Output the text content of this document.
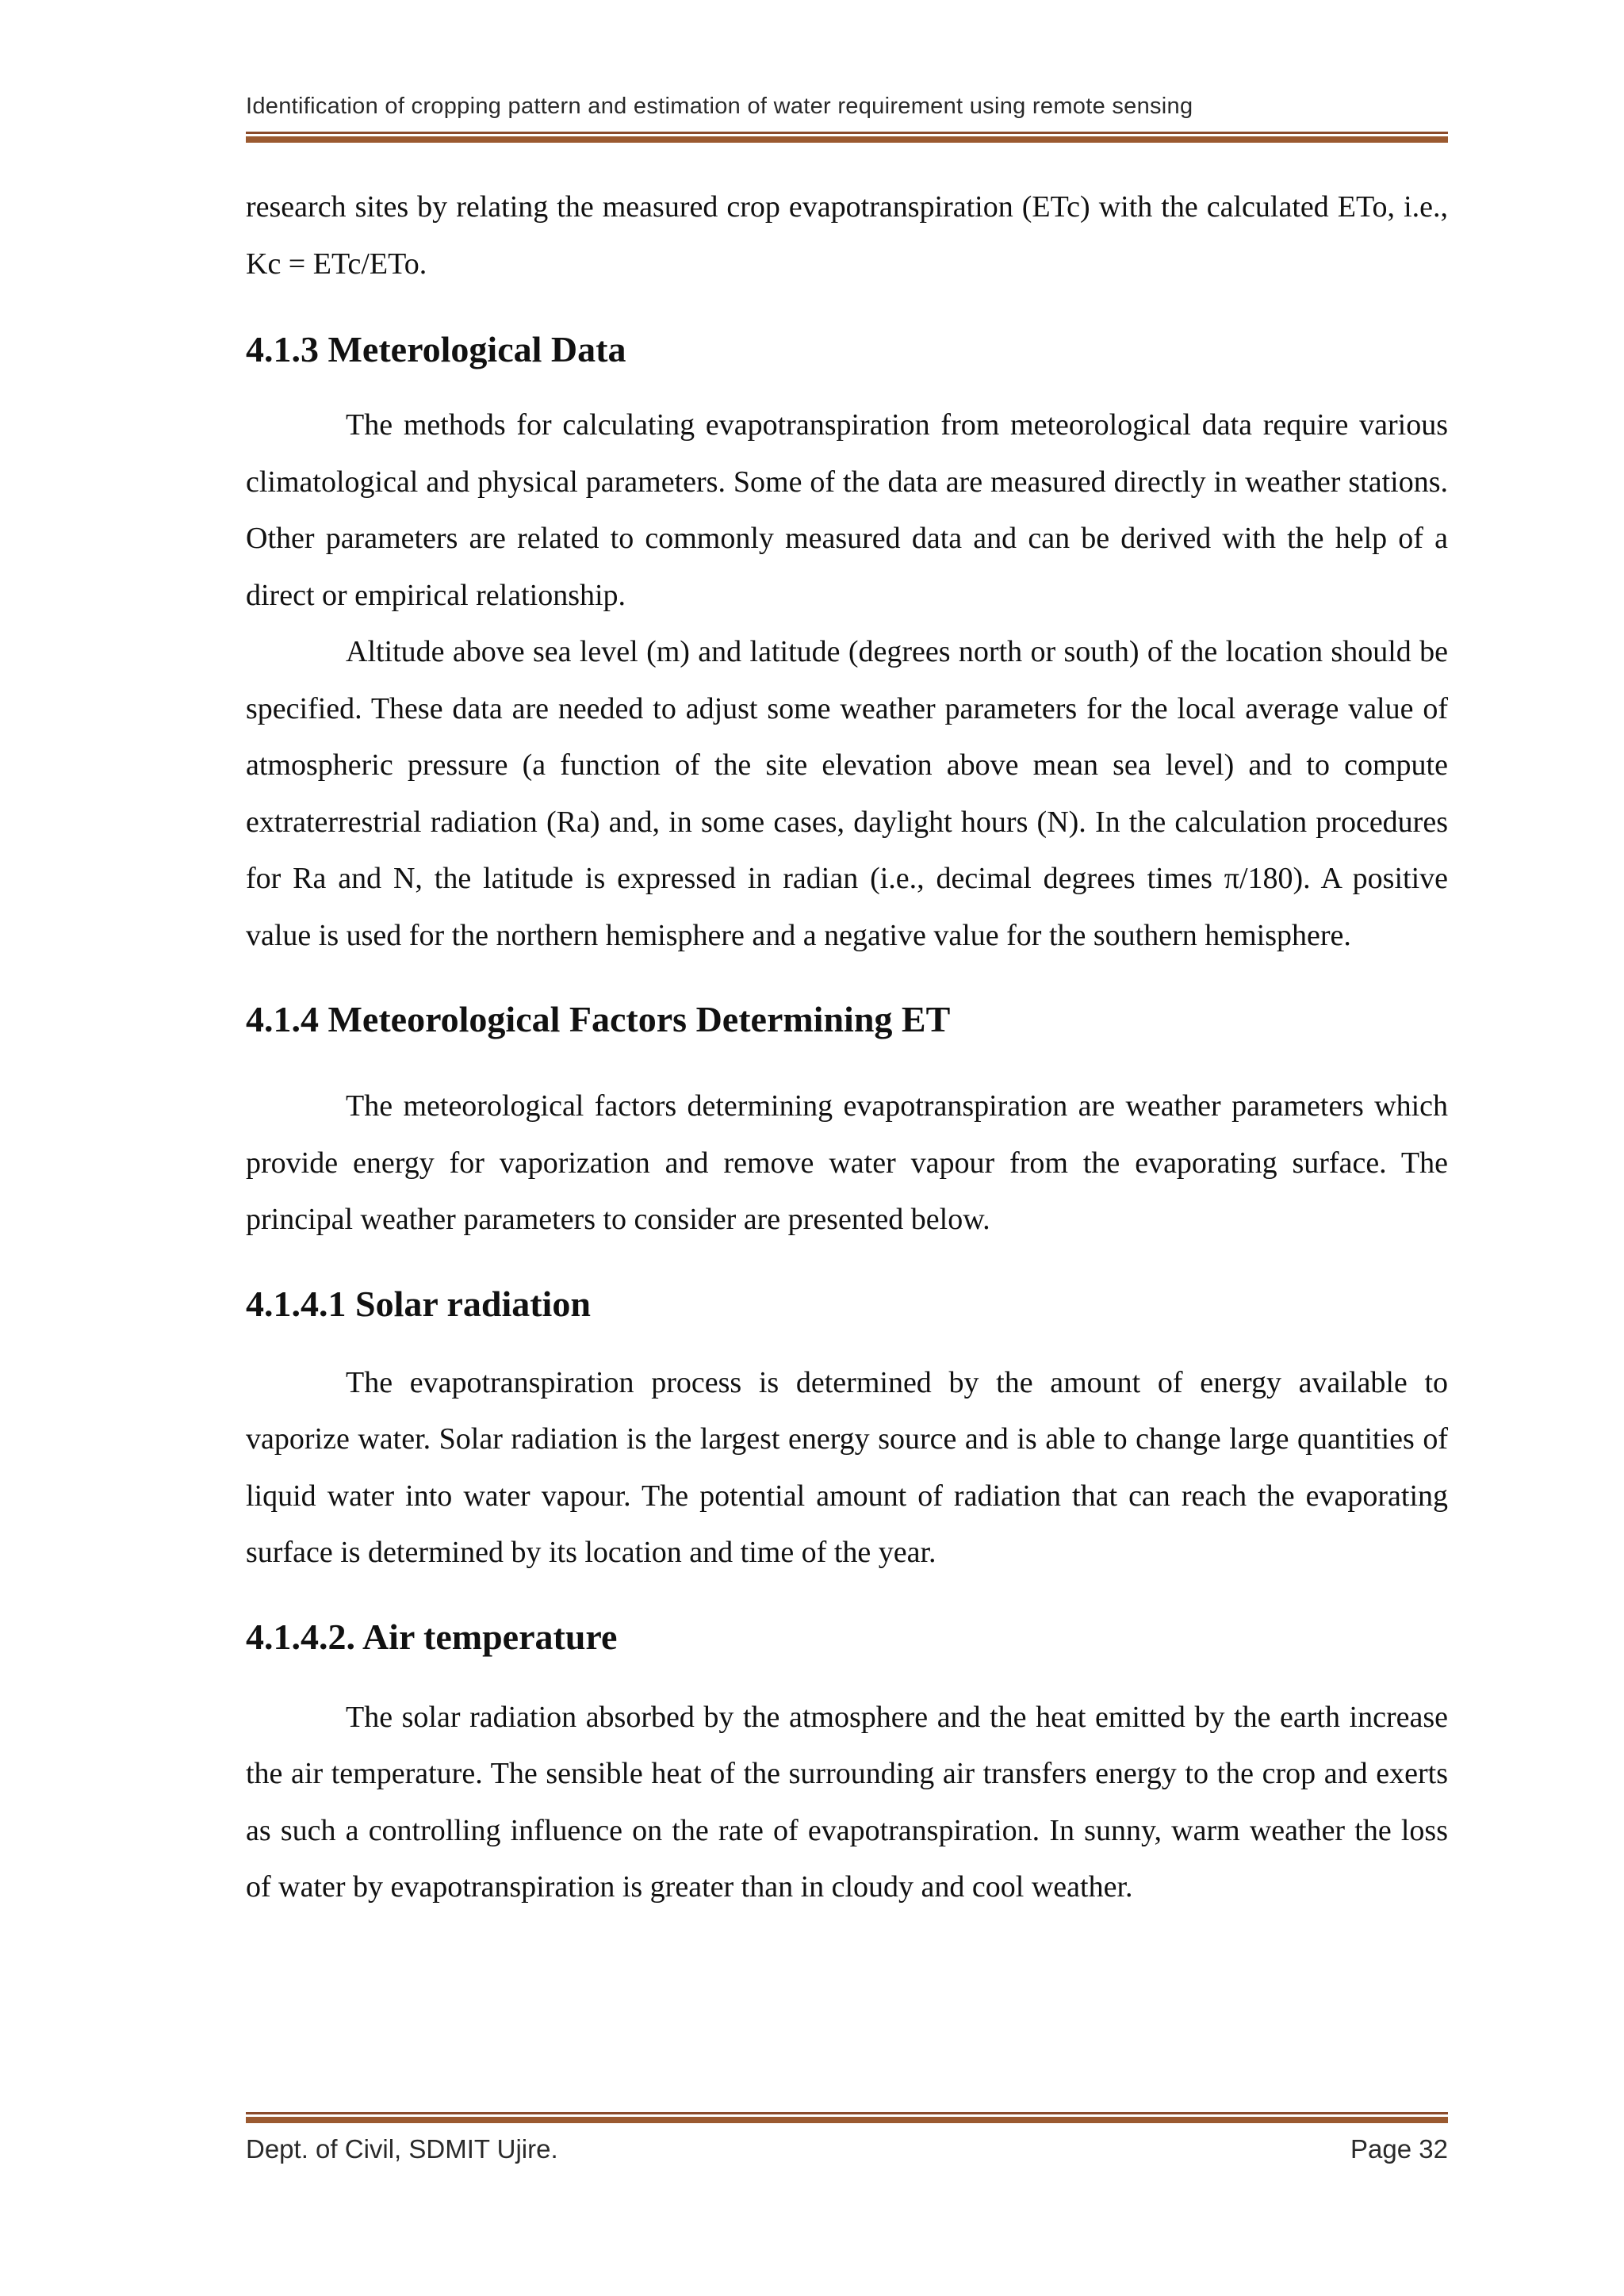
Identification of cropping pattern and estimation of water requirement using remote sensing

research sites by relating the measured crop evapotranspiration (ETc) with the calculated ETo, i.e., Kc = ETc/ETo.

4.1.3 Meterological Data

The methods for calculating evapotranspiration from meteorological data require various climatological and physical parameters. Some of the data are measured directly in weather stations. Other parameters are related to commonly measured data and can be derived with the help of a direct or empirical relationship.

Altitude above sea level (m) and latitude (degrees north or south) of the location should be specified. These data are needed to adjust some weather parameters for the local average value of atmospheric pressure (a function of the site elevation above mean sea level) and to compute extraterrestrial radiation (Ra) and, in some cases, daylight hours (N). In the calculation procedures for Ra and N, the latitude is expressed in radian (i.e., decimal degrees times π/180). A positive value is used for the northern hemisphere and a negative value for the southern hemisphere.

4.1.4 Meteorological Factors Determining ET

The meteorological factors determining evapotranspiration are weather parameters which provide energy for vaporization and remove water vapour from the evaporating surface. The principal weather parameters to consider are presented below.

4.1.4.1 Solar radiation

The evapotranspiration process is determined by the amount of energy available to vaporize water. Solar radiation is the largest energy source and is able to change large quantities of liquid water into water vapour. The potential amount of radiation that can reach the evaporating surface is determined by its location and time of the year.

4.1.4.2. Air temperature

The solar radiation absorbed by the atmosphere and the heat emitted by the earth increase the air temperature. The sensible heat of the surrounding air transfers energy to the crop and exerts as such a controlling influence on the rate of evapotranspiration. In sunny, warm weather the loss of water by evapotranspiration is greater than in cloudy and cool weather.

Dept. of Civil, SDMIT Ujire.	Page 32
